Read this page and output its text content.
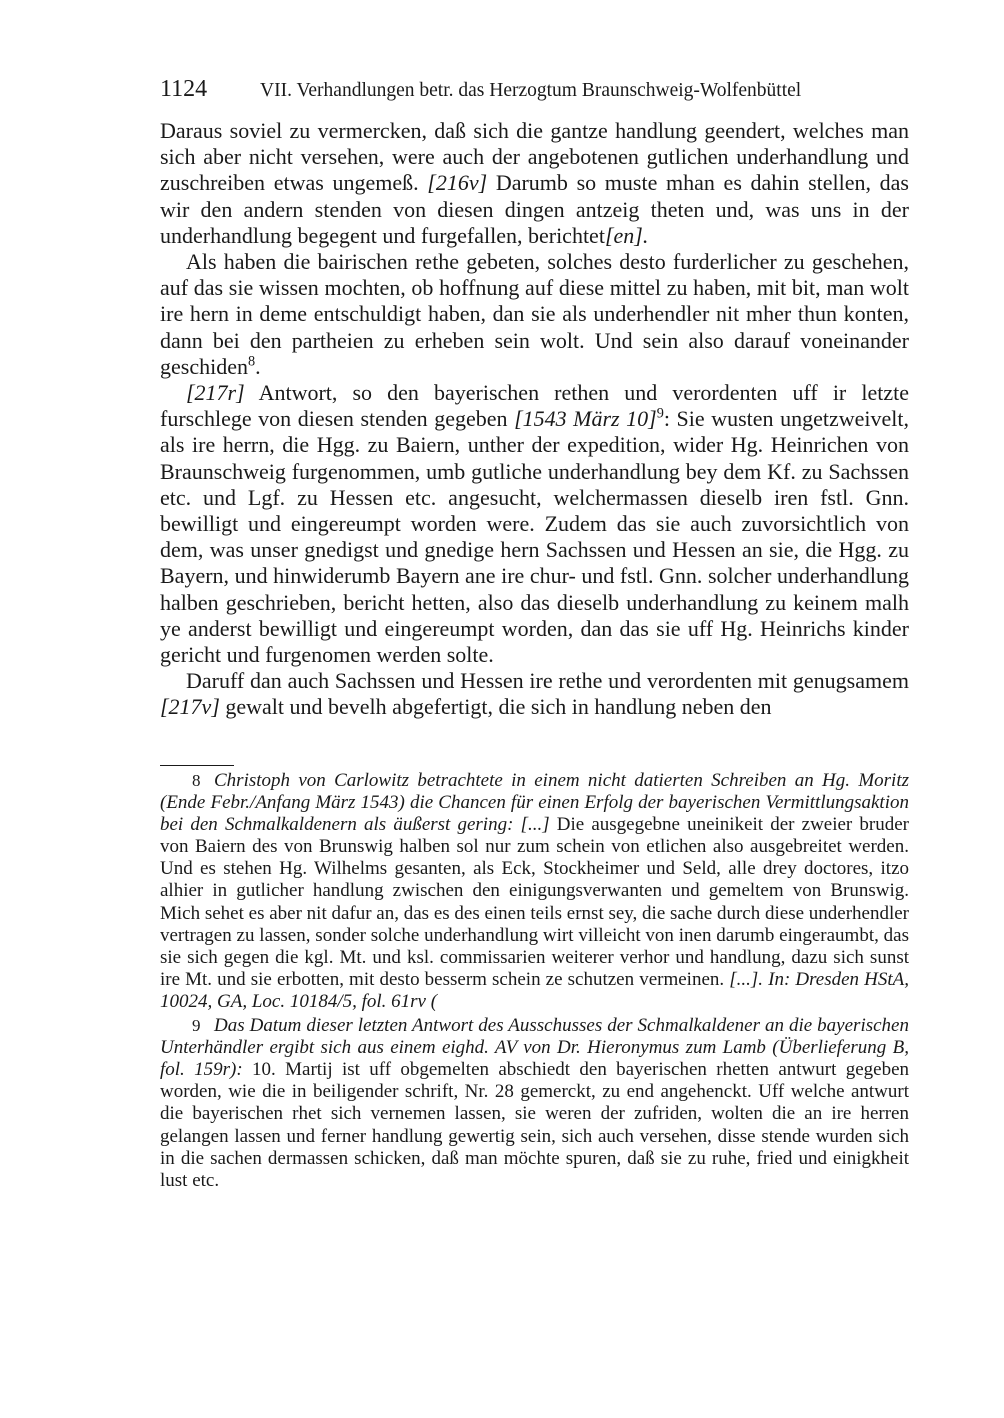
1124	VII. Verhandlungen betr. das Herzogtum Braunschweig-Wolfenbüttel

Daraus soviel zu vermercken, daß sich die gantze handlung geendert, welches man sich aber nicht versehen, were auch der angebotenen gutlichen underhandlung und zuschreiben etwas ungemeß. [216v] Darumb so muste mhan es dahin stellen, das wir den andern stenden von diesen dingen antzeig theten und, was uns in der underhandlung begegent und furgefallen, berichtet[en].

Als haben die bairischen rethe gebeten, solches desto furderlicher zu geschehen, auf das sie wissen mochten, ob hoffnung auf diese mittel zu haben, mit bit, man wolt ire hern in deme entschuldigt haben, dan sie als underhendler nit mher thun konten, dann bei den partheien zu erheben sein wolt. Und sein also darauf voneinander geschiden$^8$.

[217r] Antwort, so den bayerischen rethen und verordenten uff ir letzte furschlege von diesen stenden gegeben [1543 März 10]$^9$: Sie wusten ungetzweivelt, als ire herrn, die Hgg. zu Baiern, unther der expedition, wider Hg. Heinrichen von Braunschweig furgenommen, umb gutliche underhandlung bey dem Kf. zu Sachssen etc. und Lgf. zu Hessen etc. angesucht, welchermassen dieselb iren fstl. Gnn. bewilligt und eingereumpt worden were. Zudem das sie auch zuvorsichtlich von dem, was unser gnedigst und gnedige hern Sachssen und Hessen an sie, die Hgg. zu Bayern, und hinwiderumb Bayern ane ire chur- und fstl. Gnn. solcher underhandlung halben geschrieben, bericht hetten, also das dieselb underhandlung zu keinem malh ye anderst bewilligt und eingereumpt worden, dan das sie uff Hg. Heinrichs kinder gericht und furgenomen werden solte.

Daruff dan auch Sachssen und Hessen ire rethe und verordenten mit genugsamem [217v] gewalt und bevelh abgefertigt, die sich in handlung neben den

8 Christoph von Carlowitz betrachtete in einem nicht datierten Schreiben an Hg. Moritz (Ende Febr./Anfang März 1543) die Chancen für einen Erfolg der bayerischen Vermittlungsaktion bei den Schmalkaldenern als äußerst gering: [...] Die ausgegebne uneinikeit der zweier bruder von Baiern des von Brunswig halben sol nur zum schein von etlichen also ausgebreitet werden. Und es stehen Hg. Wilhelms gesanten, als Eck, Stockheimer und Seld, alle drey doctores, itzo alhier in gutlicher handlung zwischen den einigungsverwanten und gemeltem von Brunswig. Mich sehet es aber nit dafur an, das es des einen teils ernst sey, die sache durch diese underhendler vertragen zu lassen, sonder solche underhandlung wirt villeicht von inen darumb eingeraumbt, das sie sich gegen die kgl. Mt. und ksl. commissarien weiterer verhor und handlung, dazu sich sunst ire Mt. und sie erbotten, mit desto besserm schein ze schutzen vermeinen. [...]. In: Dresden HStA, 10024, GA, Loc. 10184/5, fol. 61rv (

9 Das Datum dieser letzten Antwort des Ausschusses der Schmalkaldener an die bayerischen Unterhändler ergibt sich aus einem eighd. AV von Dr. Hieronymus zum Lamb (Überlieferung B, fol. 159r): 10. Martij ist uff obgemelten abschiedt den bayerischen rhetten antwurt gegeben worden, wie die in beiligender schrift, Nr. 28 gemerckt, zu end angehenckt. Uff welche antwurt die bayerischen rhet sich vernemen lassen, sie weren der zufriden, wolten die an ire herren gelangen lassen und ferner handlung gewertig sein, sich auch versehen, disse stende wurden sich in die sachen dermassen schicken, daß man möchte spuren, daß sie zu ruhe, fried und einigkheit lust etc.
